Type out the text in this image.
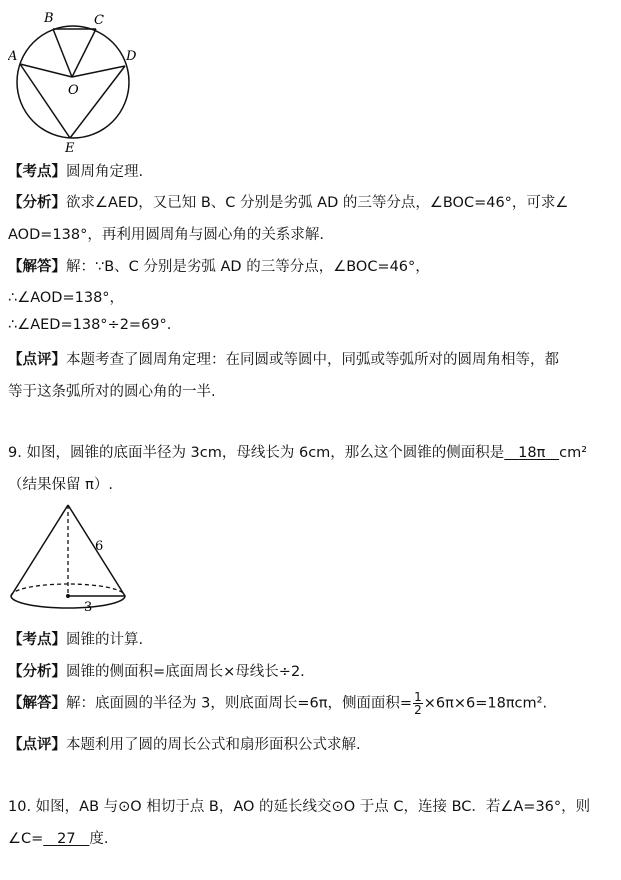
A
B	C
D
O
E
【考点】圆周角定理.
【分析】欲求∠AED，又已知 B、C 分别是劣弧 AD 的三等分点，∠BOC=46°，可求∠
AOD=138°，再利用圆周角与圆心角的关系求解.
【解答】解：∵B、C 分别是劣弧 AD 的三等分点，∠BOC=46°，
∴∠AOD=138°，
∴∠AED=138°÷2=69°.
【点评】本题考查了圆周角定理：在同圆或等圆中，同弧或等弧所对的圆周角相等，都
等于这条弧所对的圆心角的一半.
9. 如图，圆锥的底面半径为 3cm，母线长为 6cm，那么这个圆锥的侧面积是 18π cm²
（结果保留 π）.
6
3
【考点】圆锥的计算.
【分析】圆锥的侧面积=底面周长×母线长÷2.
【解答】解：底面圆的半径为 3，则底面周长=6π，侧面面积= $\frac{1}{2} \times 6\pi\times 6=18\pi cm^2$.
【点评】本题利用了圆的周长公式和扇形面积公式求解.
10. 如图，AB 与⊙O 相切于点 B，AO 的延长线交⊙O 于点 C，连接 BC．若∠A=36°，则
∠C= 27 度.
